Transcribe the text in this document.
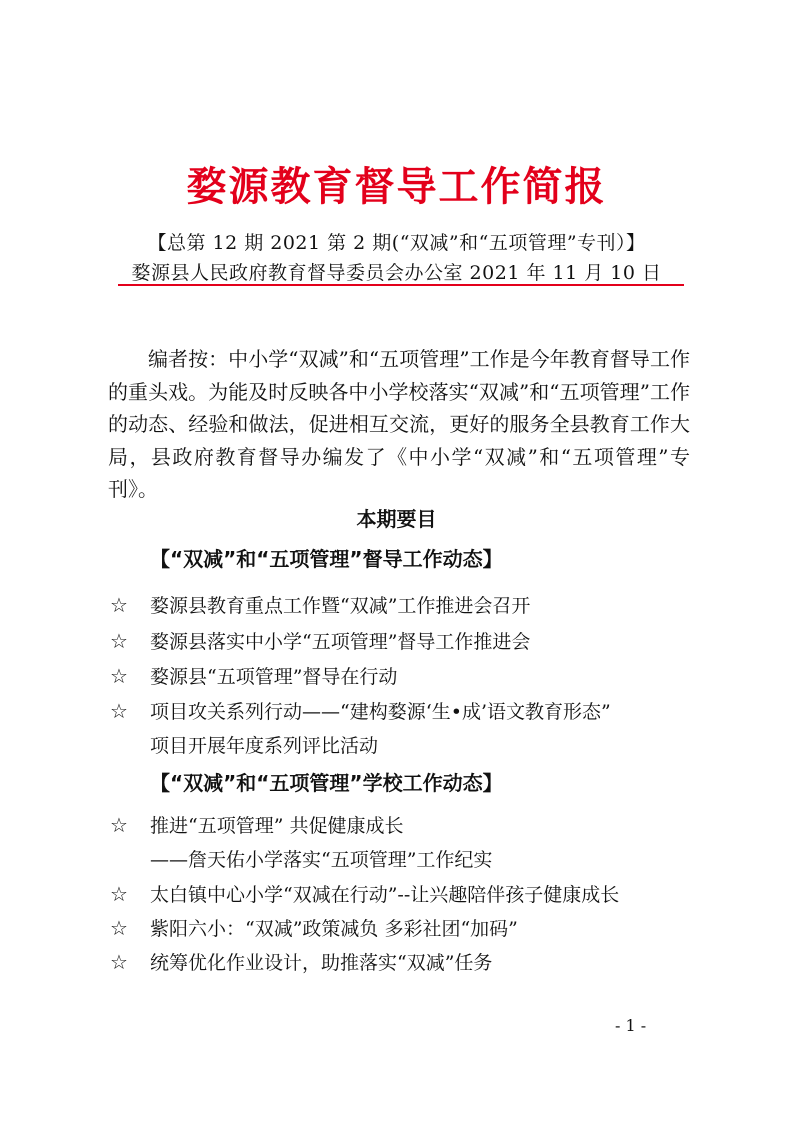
婺源教育督导工作简报
【总第 12 期 2021 第 2 期(“双减”和“五项管理”专刊）】
婺源县人民政府教育督导委员会办公室 2021 年 11 月 10 日
编者按：中小学“双减”和“五项管理”工作是今年教育督导工作的重头戏。为能及时反映各中小学校落实“双减”和“五项管理”工作的动态、经验和做法，促进相互交流，更好的服务全县教育工作大局，县政府教育督导办编发了《中小学“双减”和“五项管理”专刊》。
本期要目
【“双减”和“五项管理”督导工作动态】
☆ 婺源县教育重点工作暨“双减”工作推进会召开
☆ 婺源县落实中小学“五项管理”督导工作推进会
☆ 婺源县“五项管理”督导在行动
☆ 项目攻关系列行动——“建构婺源‘生•成’语文教育形态”
项目开展年度系列评比活动
【“双减”和“五项管理”学校工作动态】
☆ 推进“五项管理” 共促健康成长
——詹天佑小学落实“五项管理”工作纪实
☆ 太白镇中心小学“双减在行动”--让兴趣陪伴孩子健康成长
☆ 紫阳六小：“双减”政策减负 多彩社团“加码”
☆ 统筹优化作业设计，助推落实“双减”任务
- 1 -
